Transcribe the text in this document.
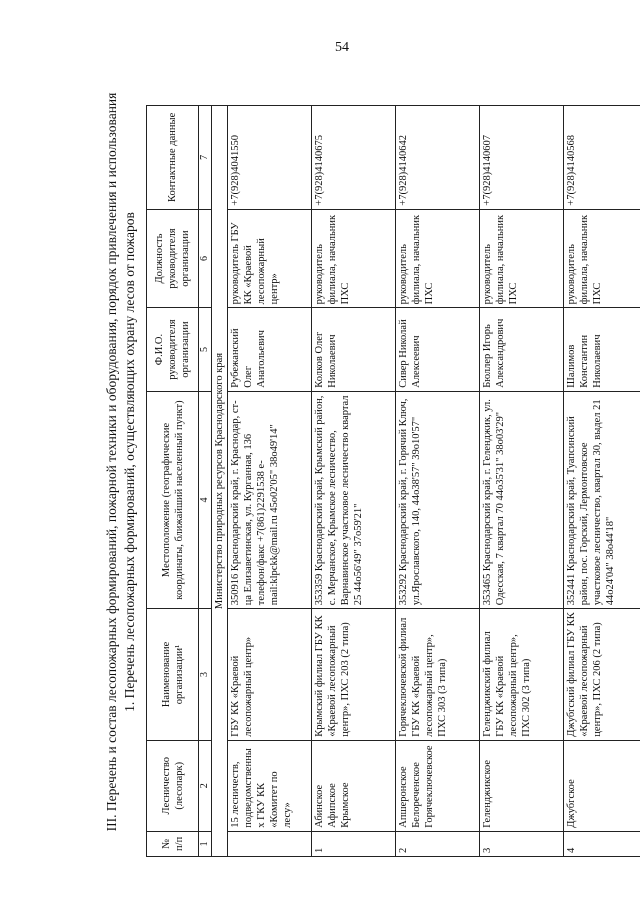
54
III. Перечень и состав лесопожарных формирований, пожарной техники и оборудования, порядок привлечения и использования 1. Перечень лесопожарных формирований, осуществляющих охрану лесов от пожаров
№ п/п	Лесничество (лесопарк)	Наименование организации¹	Местоположение (географические координаты, ближайший населенный пункт)	Ф.И.О. руководителя организации	Должность руководителя организации	Контактные данные
1	2	3	4	5	6	7
Министерство природных ресурсов Краснодарского края						
	15 лесничеств, подведомственных ГКУ КК «Комитет по лесу»	ГБУ КК «Краевой лесопожарный центр»	350916 Краснодарский край, г. Краснодар, ст-ца Елизаветинская, ул. Курганная, 136 телефон/факс +7(861)2291538 e-mail:klpckk@mail.ru 45o02'05" 38o49'14"	Рубежанский Олег Анатольевич	руководитель ГБУ КК «Краевой лесопожарный центр»	+7(928)4041550
1	Абинское Афипское Крымское	Крымский филиал ГБУ КК «Краевой лесопожарный центр», ПХС 203 (2 типа)	353359 Краснодарский край, Крымский район, с. Мерчанское, Крымское лесничество, Варнавинское участковое лесничество квартал 25 44o56'49" 37o59'21"	Колков Олег Николаевич	руководитель филиала, начальник ПХС	+7(928)4140675
2	Апшеронское Белореченское Горячеключевское	Горячеключевской филиал ГБУ КК «Краевой лесопожарный центр», ПХС 303 (3 типа)	353292 Краснодарский край, г. Горячий Ключ, ул.Ярославского, 140, 44o38'57" 39o10'57"	Сивер Николай Алексеевич	руководитель филиала, начальник ПХС	+7(928)4140642
3	Геленджикское	Геленджикский филиал ГБУ КК «Краевой лесопожарный центр», ПХС 302 (3 типа)	353465 Краснодарский край, г. Геленджик, ул. Одесская, 7 квартал 70 44o35'31" 38o03'29"	Бюллер Игорь Александрович	руководитель филиала, начальник ПХС	+7(928)4140607
4	Джубгское	Джубгский филиал ГБУ КК «Краевой лесопожарный центр», ПХС 206 (2 типа)	352441 Краснодарский край, Туапсинский район, пос. Горский, Лермонтовское участковое лесничество, квартал 30, выдел 21 44o24'04" 38o44'18"	Шалимов Константин Николаевич	руководитель филиала, начальник ПХС	+7(928)4140568
